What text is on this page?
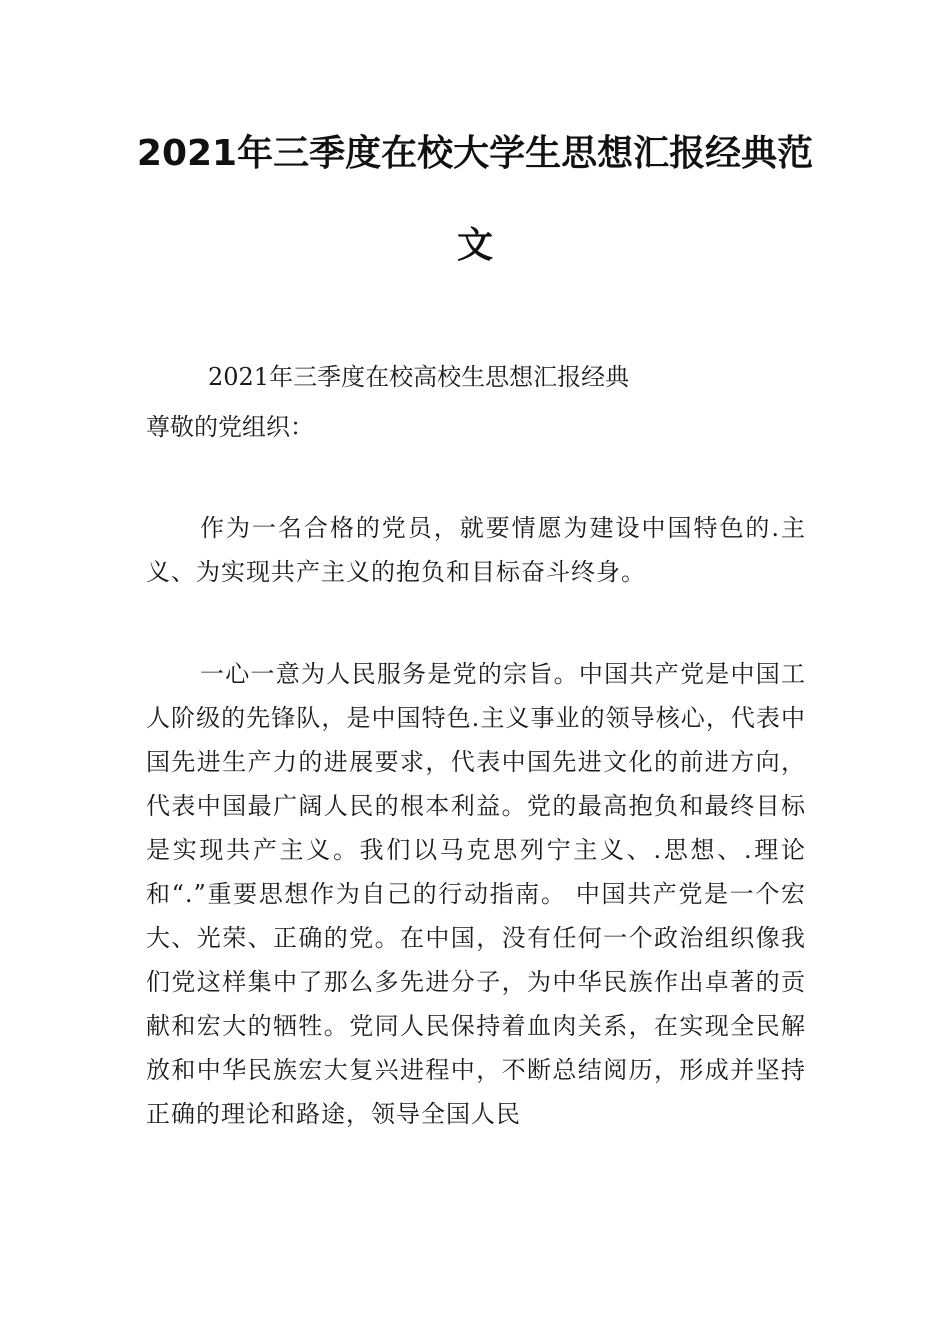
2021年三季度在校大学生思想汇报经典范
文

2021年三季度在校高校生思想汇报经典

尊敬的党组织：

作为一名合格的党员，就要情愿为建设中国特色的.主义、为实现共产主义的抱负和目标奋斗终身。

一心一意为人民服务是党的宗旨。中国共产党是中国工人阶级的先锋队，是中国特色.主义事业的领导核心，代表中国先进生产力的进展要求，代表中国先进文化的前进方向，代表中国最广阔人民的根本利益。党的最高抱负和最终目标是实现共产主义。我们以马克思列宁主义、.思想、.理论和“.”重要思想作为自己的行动指南。 中国共产党是一个宏大、光荣、正确的党。在中国，没有任何一个政治组织像我们党这样集中了那么多先进分子，为中华民族作出卓著的贡献和宏大的牺牲。党同人民保持着血肉关系，在实现全民解放和中华民族宏大复兴进程中，不断总结阅历，形成并坚持正确的理论和路途，领导全国人民
